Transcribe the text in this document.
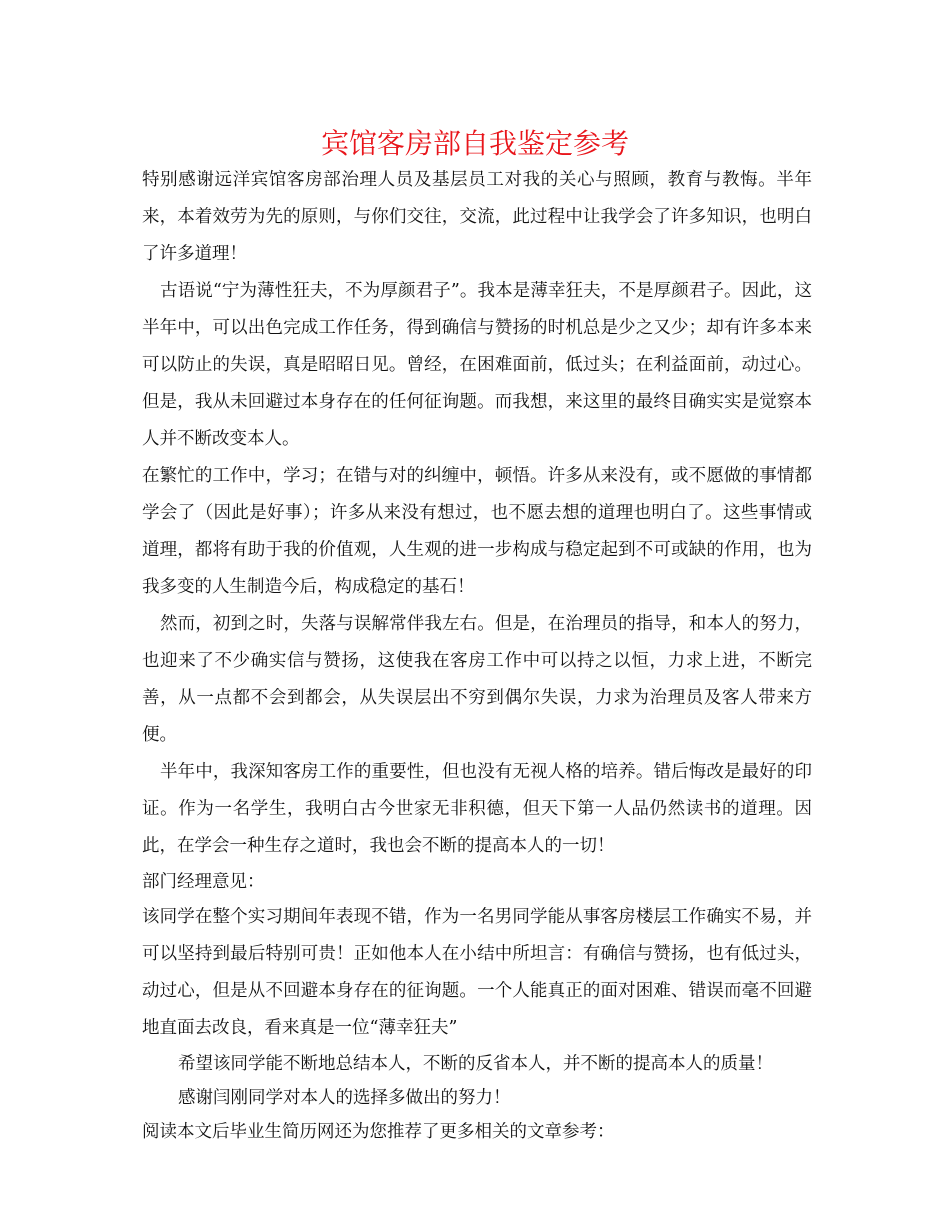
宾馆客房部自我鉴定参考

特别感谢远洋宾馆客房部治理人员及基层员工对我的关心与照顾，教育与教悔。半年来，本着效劳为先的原则，与你们交往，交流，此过程中让我学会了许多知识，也明白了许多道理！

古语说“宁为薄性狂夫，不为厚颜君子”。我本是薄幸狂夫，不是厚颜君子。因此，这半年中，可以出色完成工作任务，得到确信与赞扬的时机总是少之又少；却有许多本来可以防止的失误，真是昭昭日见。曾经，在困难面前，低过头；在利益面前，动过心。但是，我从未回避过本身存在的任何征询题。而我想，来这里的最终目确实实是觉察本人并不断改变本人。

在繁忙的工作中，学习；在错与对的纠缠中，顿悟。许多从来没有，或不愿做的事情都学会了（因此是好事）；许多从来没有想过，也不愿去想的道理也明白了。这些事情或道理，都将有助于我的价值观，人生观的进一步构成与稳定起到不可或缺的作用，也为我多变的人生制造今后，构成稳定的基石！

然而，初到之时，失落与误解常伴我左右。但是，在治理员的指导，和本人的努力，也迎来了不少确实信与赞扬，这使我在客房工作中可以持之以恒，力求上进，不断完善，从一点都不会到都会，从失误层出不穷到偶尔失误，力求为治理员及客人带来方便。

半年中，我深知客房工作的重要性，但也没有无视人格的培养。错后悔改是最好的印证。作为一名学生，我明白古今世家无非积德，但天下第一人品仍然读书的道理。因此，在学会一种生存之道时，我也会不断的提高本人的一切！

部门经理意见：

该同学在整个实习期间年表现不错，作为一名男同学能从事客房楼层工作确实不易，并可以坚持到最后特别可贵！正如他本人在小结中所坦言：有确信与赞扬，也有低过头，动过心，但是从不回避本身存在的征询题。一个人能真正的面对困难、错误而毫不回避地直面去改良，看来真是一位“薄幸狂夫”

希望该同学能不断地总结本人，不断的反省本人，并不断的提高本人的质量！

感谢闫刚同学对本人的选择多做出的努力！

阅读本文后毕业生简历网还为您推荐了更多相关的文章参考：
